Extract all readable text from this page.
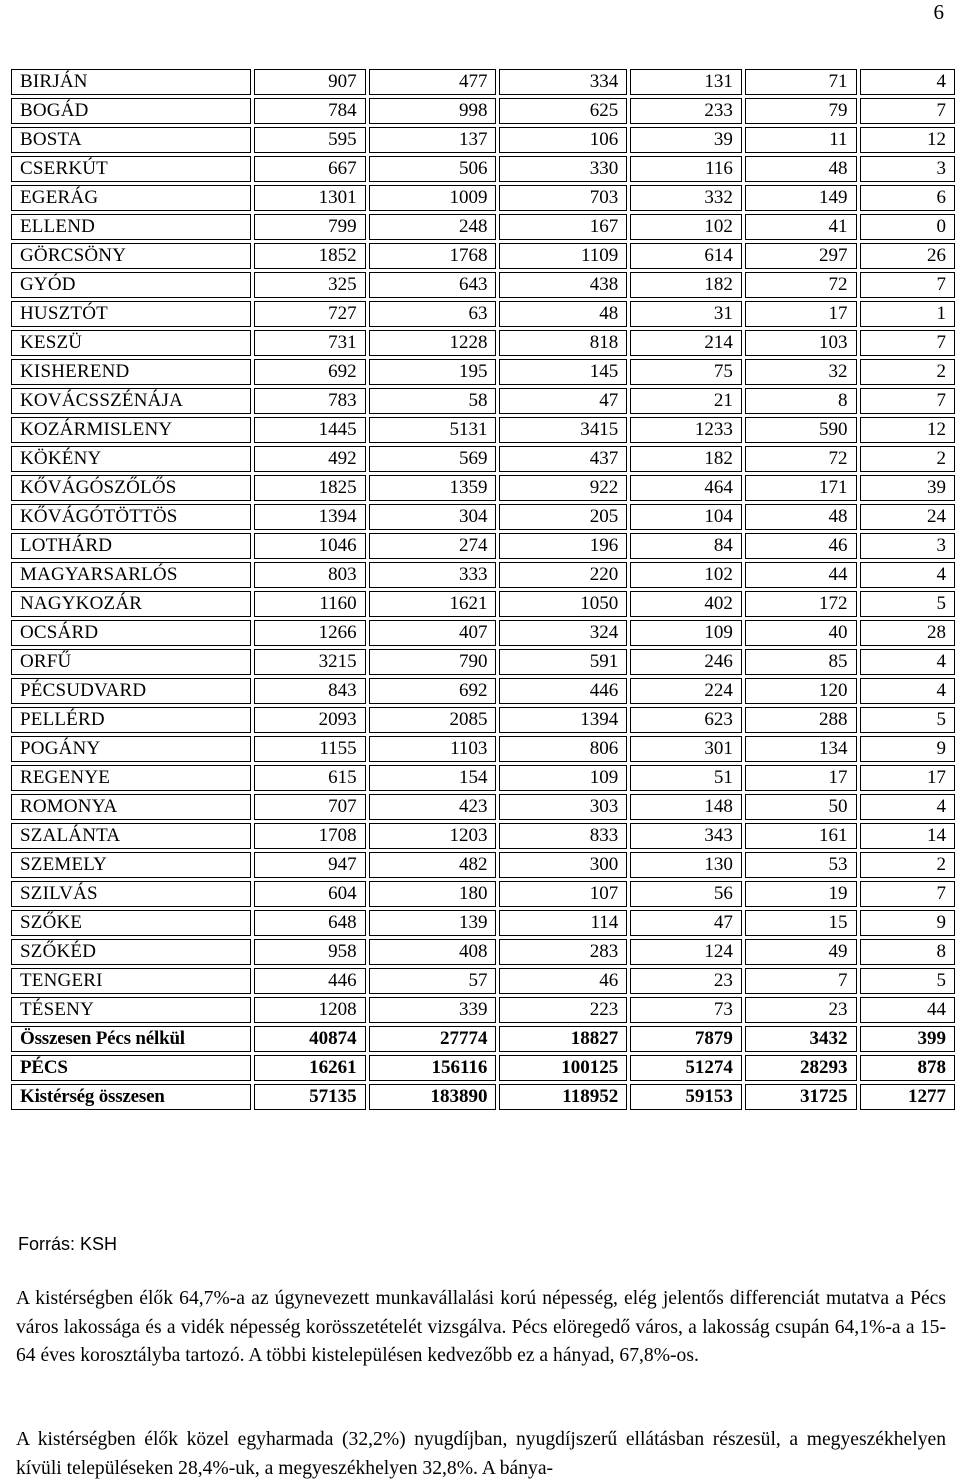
6
BIRJÁN	907	477	334	131	71	4
BOGÁD	784	998	625	233	79	7
BOSTA	595	137	106	39	11	12
CSERKÚT	667	506	330	116	48	3
EGERÁG	1301	1009	703	332	149	6
ELLEND	799	248	167	102	41	0
GÖRCSÖNY	1852	1768	1109	614	297	26
GYÓD	325	643	438	182	72	7
HUSZTÓT	727	63	48	31	17	1
KESZÜ	731	1228	818	214	103	7
KISHEREND	692	195	145	75	32	2
KOVÁCSSZÉNÁJA	783	58	47	21	8	7
KOZÁRMISLENY	1445	5131	3415	1233	590	12
KÖKÉNY	492	569	437	182	72	2
KŐVÁGÓSZŐLŐS	1825	1359	922	464	171	39
KŐVÁGÓTÖTTÖS	1394	304	205	104	48	24
LOTHÁRD	1046	274	196	84	46	3
MAGYARSARLÓS	803	333	220	102	44	4
NAGYKOZÁR	1160	1621	1050	402	172	5
OCSÁRD	1266	407	324	109	40	28
ORFŰ	3215	790	591	246	85	4
PÉCSUDVARD	843	692	446	224	120	4
PELLÉRD	2093	2085	1394	623	288	5
POGÁNY	1155	1103	806	301	134	9
REGENYE	615	154	109	51	17	17
ROMONYA	707	423	303	148	50	4
SZALÁNTA	1708	1203	833	343	161	14
SZEMELY	947	482	300	130	53	2
SZILVÁS	604	180	107	56	19	7
SZŐKE	648	139	114	47	15	9
SZŐKÉD	958	408	283	124	49	8
TENGERI	446	57	46	23	7	5
TÉSENY	1208	339	223	73	23	44
Összesen Pécs nélkül	40874	27774	18827	7879	3432	399
PÉCS	16261	156116	100125	51274	28293	878
Kistérség összesen	57135	183890	118952	59153	31725	1277
Forrás: KSH

A kistérségben élők 64,7%-a az úgynevezett munkavállalási korú népesség, elég jelentős differenciát mutatva a Pécs város lakossága és a vidék népesség korösszetételét vizsgálva. Pécs elöregedő város, a lakosság csupán 64,1%-a a 15-64 éves korosztályba tartozó. A többi kistelepülésen kedvezőbb ez a hányad, 67,8%-os.

A kistérségben élők közel egyharmada (32,2%) nyugdíjban, nyugdíjszerű ellátásban részesül, a megyeszékhelyen kívüli településeken 28,4%-uk, a megyeszékhelyen 32,8%. A bánya-
